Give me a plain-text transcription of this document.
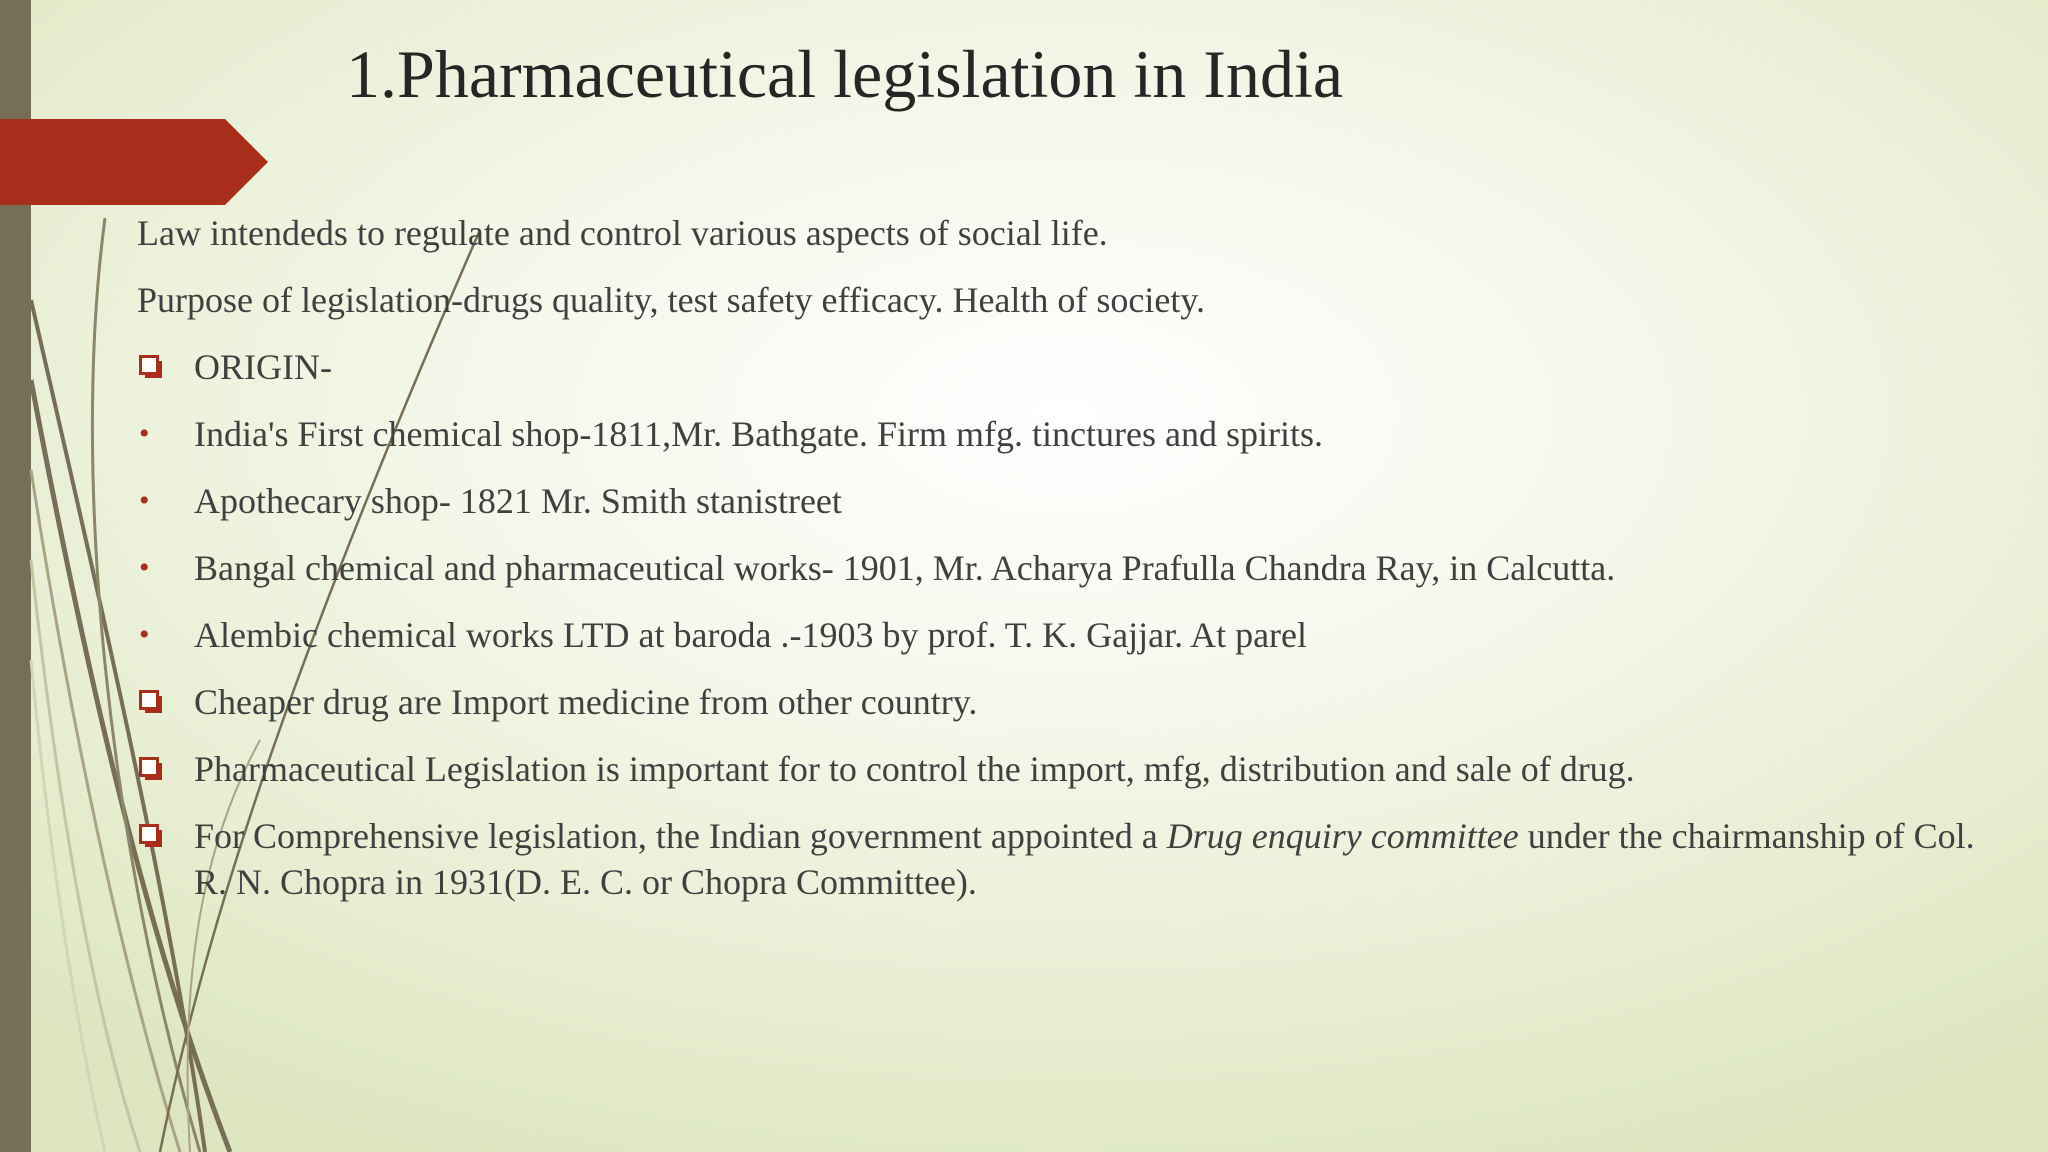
1.Pharmaceutical legislation in India

Law intendeds to regulate and control various aspects of social life.

Purpose of legislation-drugs quality, test safety efficacy. Health of society.

ORIGIN-
•	India's First chemical shop-1811,Mr. Bathgate. Firm mfg. tinctures and spirits.
•	Apothecary shop- 1821 Mr. Smith stanistreet
•	Bangal chemical and pharmaceutical works- 1901, Mr. Acharya Prafulla Chandra Ray, in Calcutta.
•	Alembic chemical works LTD at baroda .-1903 by prof. T. K. Gajjar. At parel
Cheaper drug are Import medicine from other country.
Pharmaceutical Legislation is important for to control the import, mfg, distribution and sale of drug.
For Comprehensive legislation, the Indian government appointed a Drug enquiry committee under the chairmanship of Col. R. N. Chopra in 1931(D. E. C. or Chopra Committee).
